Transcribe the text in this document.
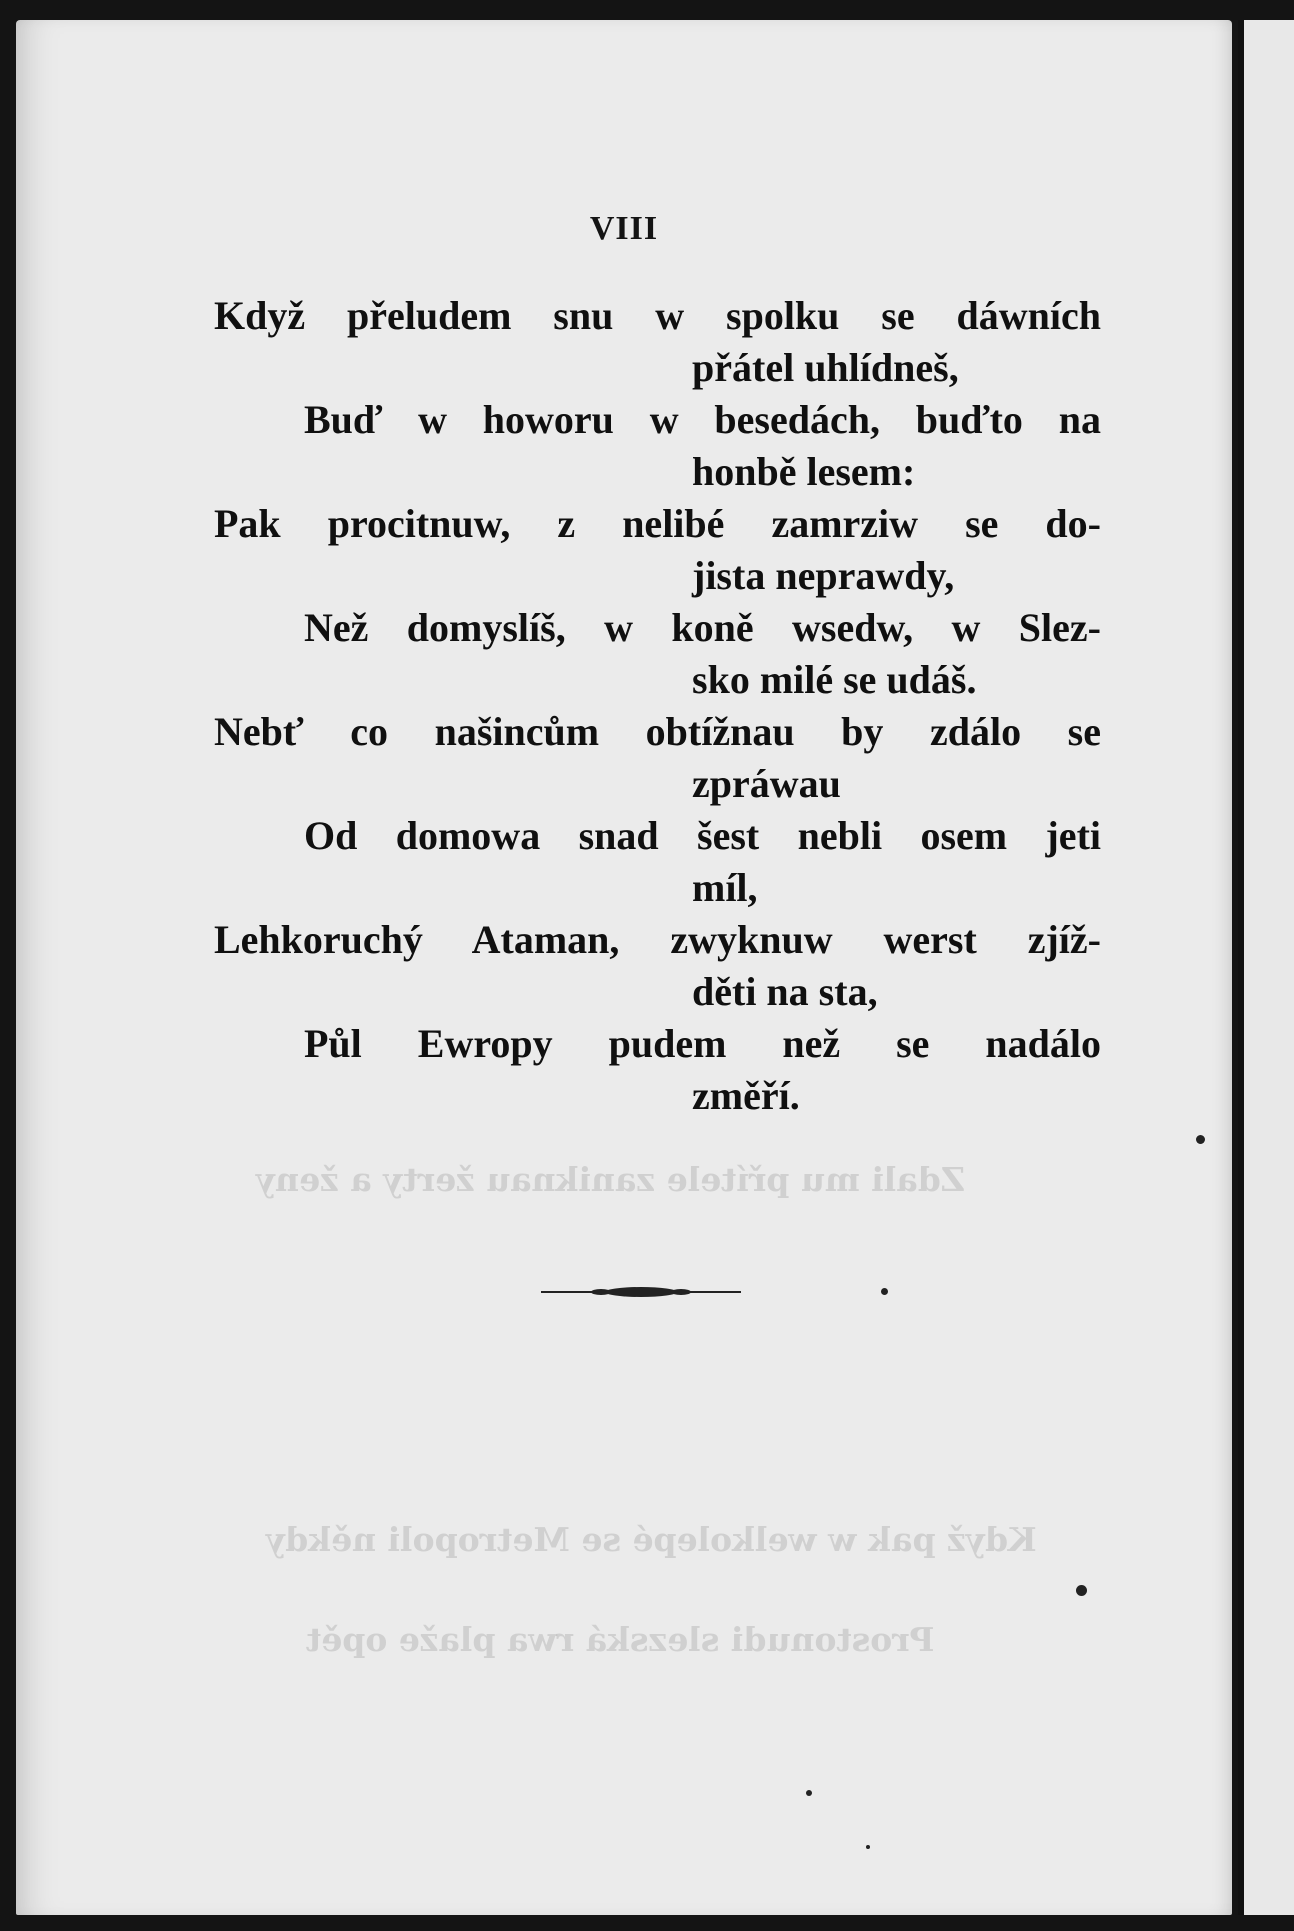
Když pak w welkolepé se Metropoli někdy
Zdali mu přítele zaniknau žerty a ženy
Prostonudi slezská rwa plaže opět
VIII
Když přeludem snu w spolku se dáwních
přátel uhlídneš,
Buď w howoru w besedách, buďto na
honbě lesem:
Pak procitnuw, z nelibé zamrziw se do-
jista neprawdy,
Než domyslíš, w koně wsedw, w Slez-
sko milé se udáš.
Nebť co našincům obtížnau by zdálo se
zpráwau
Od domowa snad šest nebli osem jeti
míl,
Lehkoruchý Ataman, zwyknuw werst zjíž-
děti na sta,
Půl Ewropy pudem než se nadálo
změří.
